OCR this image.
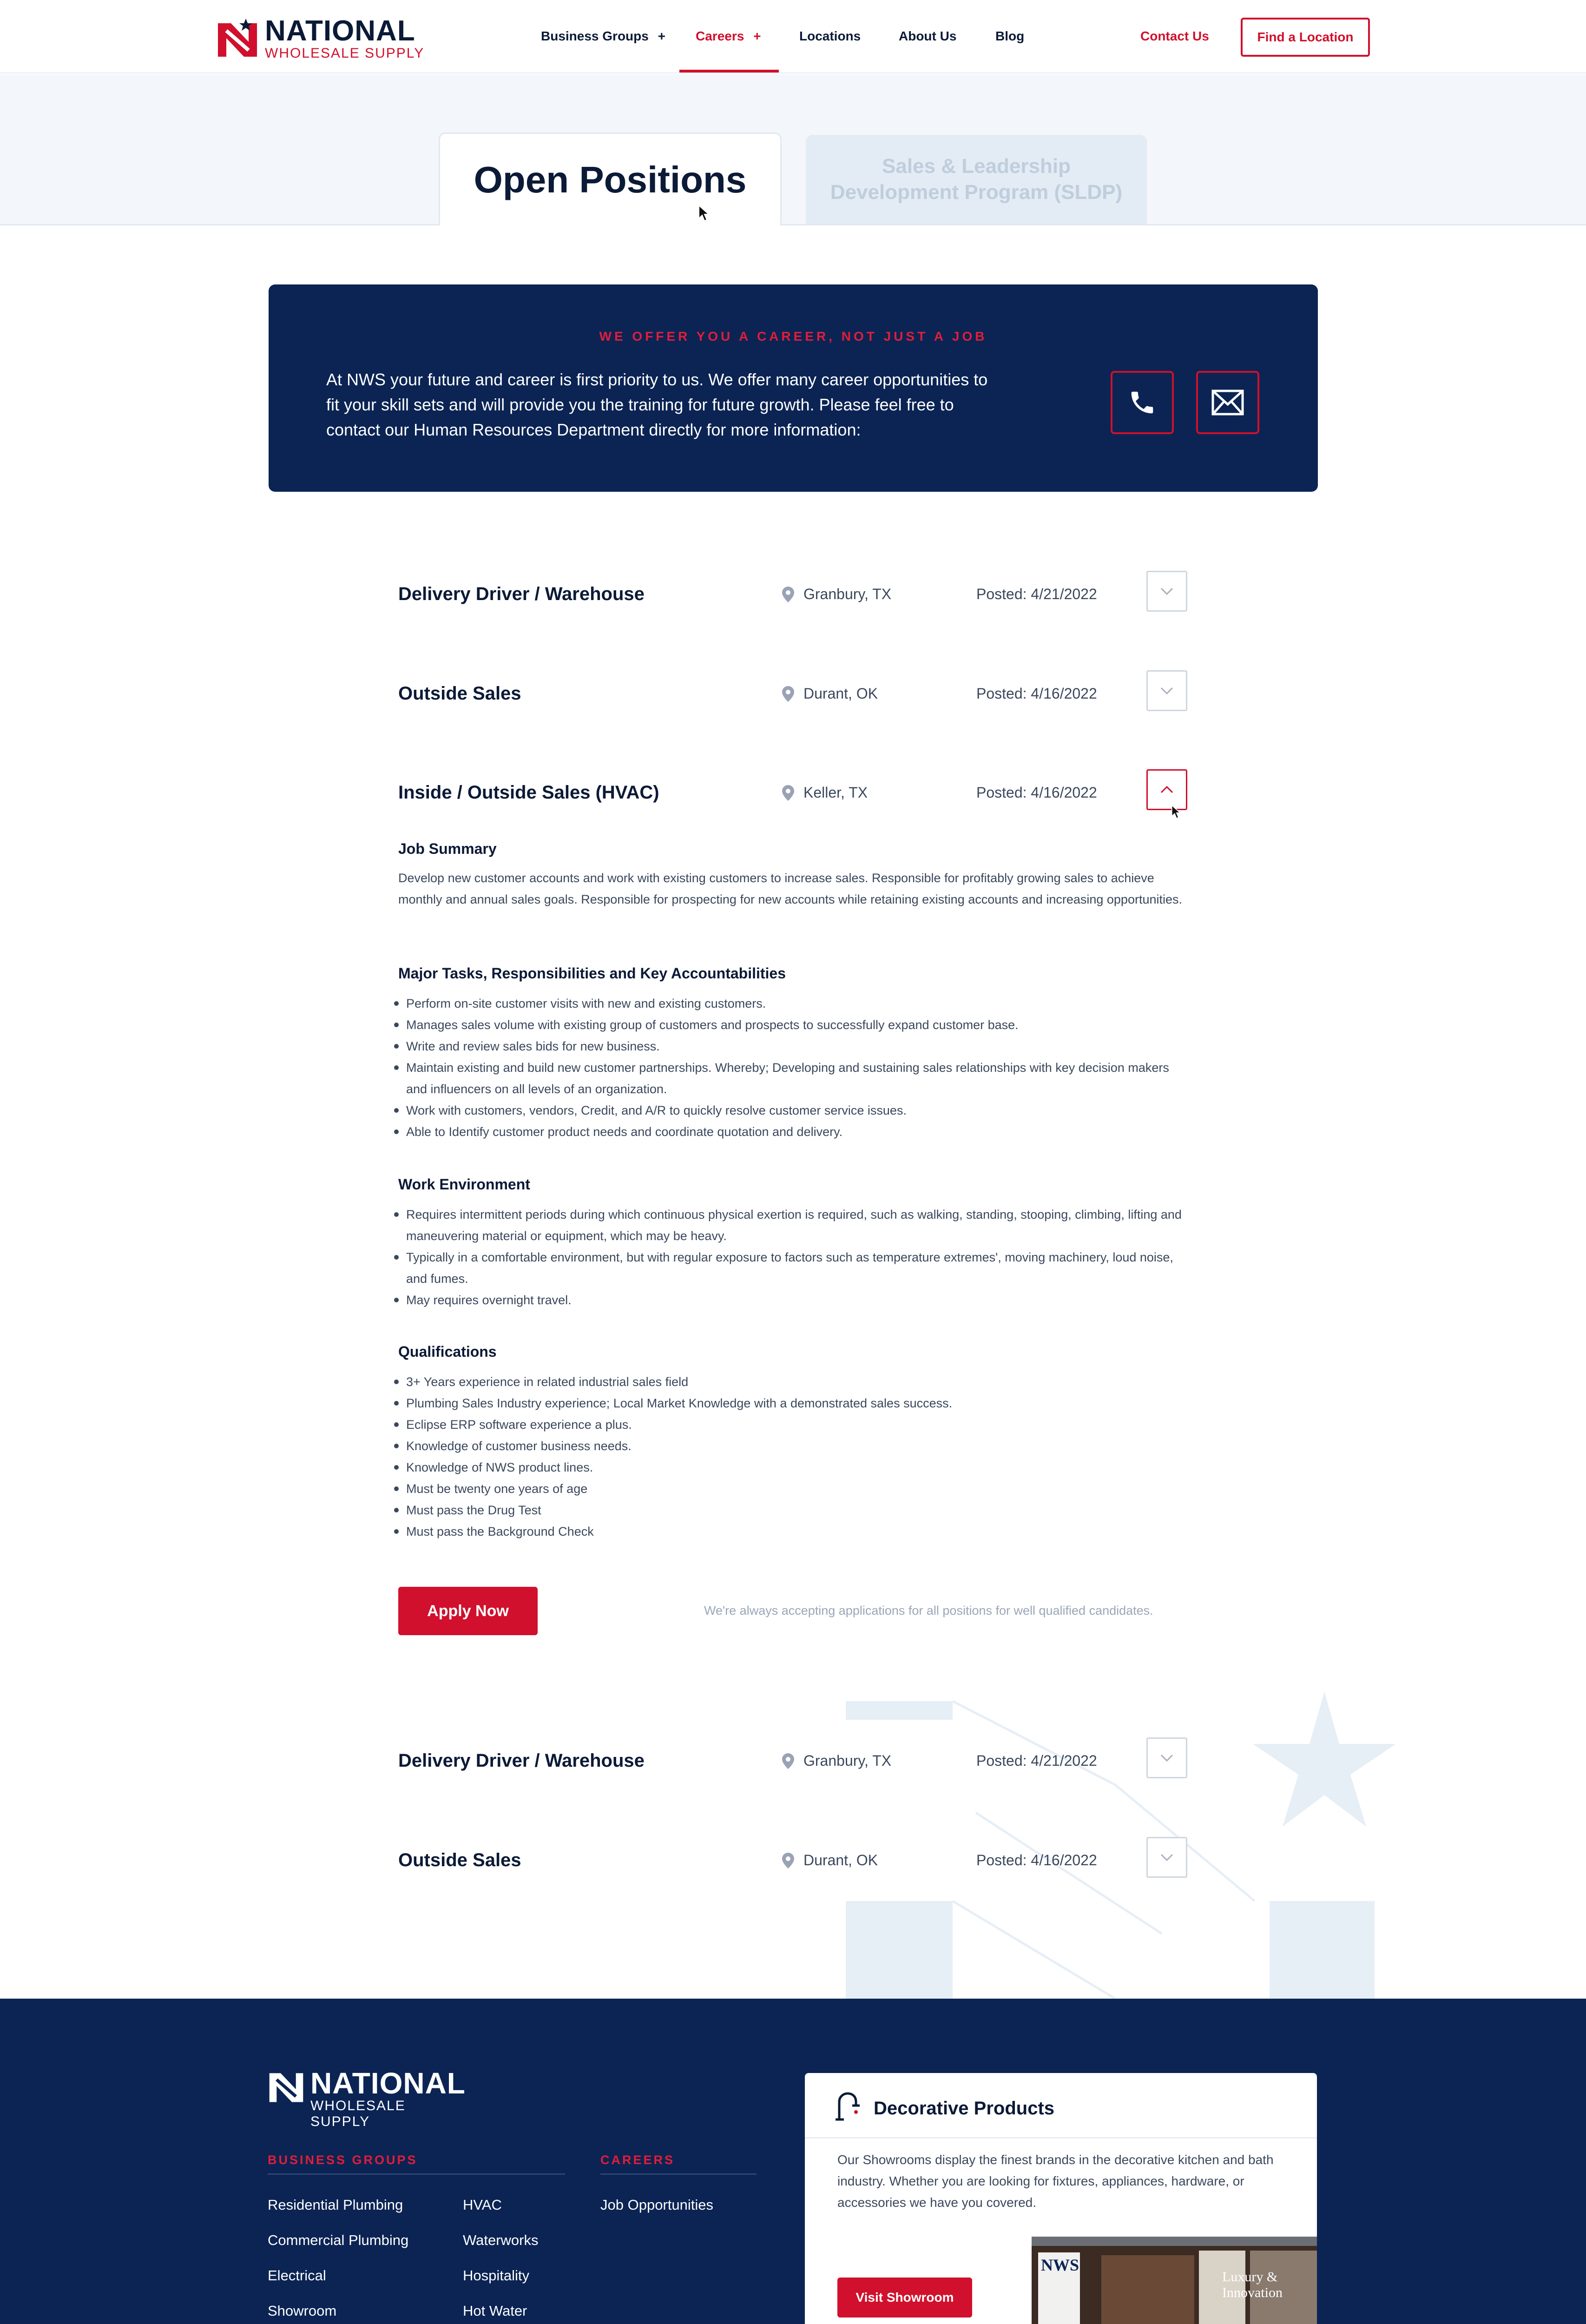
NATIONAL
WHOLESALE SUPPLY
Business Groups + Careers +	Locations	About Us	Blog	Contact Us	Find a Location
Open Positions	Sales & Leadership
Development Program (SLDP)
WE OFFER YOU A CAREER, NOT JUST A JOB
At NWS your future and career is first priority to us. We offer many career opportunities to fit your skill sets and will provide you the training for future growth. Please feel free to contact our Human Resources Department directly for more information:
Delivery Driver / Warehouse	Granbury, TX	Posted: 4/21/2022
Outside Sales	Durant, OK	Posted: 4/16/2022
Inside / Outside Sales (HVAC)	Keller, TX	Posted: 4/16/2022
Job Summary
Develop new customer accounts and work with existing customers to increase sales. Responsible for profitably growing sales to achieve monthly and annual sales goals. Responsible for prospecting for new accounts while retaining existing accounts and increasing opportunities.
Major Tasks, Responsibilities and Key Accountabilities
Perform on-site customer visits with new and existing customers.
Manages sales volume with existing group of customers and prospects to successfully expand customer base.
Write and review sales bids for new business.
Maintain existing and build new customer partnerships. Whereby; Developing and sustaining sales relationships with key decision makers and influencers on all levels of an organization.
Work with customers, vendors, Credit, and A/R to quickly resolve customer service issues.
Able to Identify customer product needs and coordinate quotation and delivery.
Work Environment
Requires intermittent periods during which continuous physical exertion is required, such as walking, standing, stooping, climbing, lifting and maneuvering material or equipment, which may be heavy.
Typically in a comfortable environment, but with regular exposure to factors such as temperature extremes', moving machinery, loud noise, and fumes.
May requires overnight travel.
Qualifications
3+ Years experience in related industrial sales field
Plumbing Sales Industry experience; Local Market Knowledge with a demonstrated sales success.
Eclipse ERP software experience a plus.
Knowledge of customer business needs.
Knowledge of NWS product lines.
Must be twenty one years of age
Must pass the Drug Test
Must pass the Background Check
Apply Now	We're always accepting applications for all positions for well qualified candidates.
Delivery Driver / Warehouse	Granbury, TX	Posted: 4/21/2022
Outside Sales	Durant, OK	Posted: 4/16/2022
NATIONAL
WHOLESALE SUPPLY
BUSINESS GROUPS
Residential Plumbing
Commercial Plumbing
Electrical
Showroom
HVAC
Waterworks
Hospitality
Hot Water
CAREERS
Job Opportunities
Decorative Products
Our Showrooms display the finest brands in the decorative kitchen and bath industry. Whether you are looking for fixtures, appliances, hardware, or accessories we have you covered.
NWS
Luxury &
Innovation
Visit Showroom
